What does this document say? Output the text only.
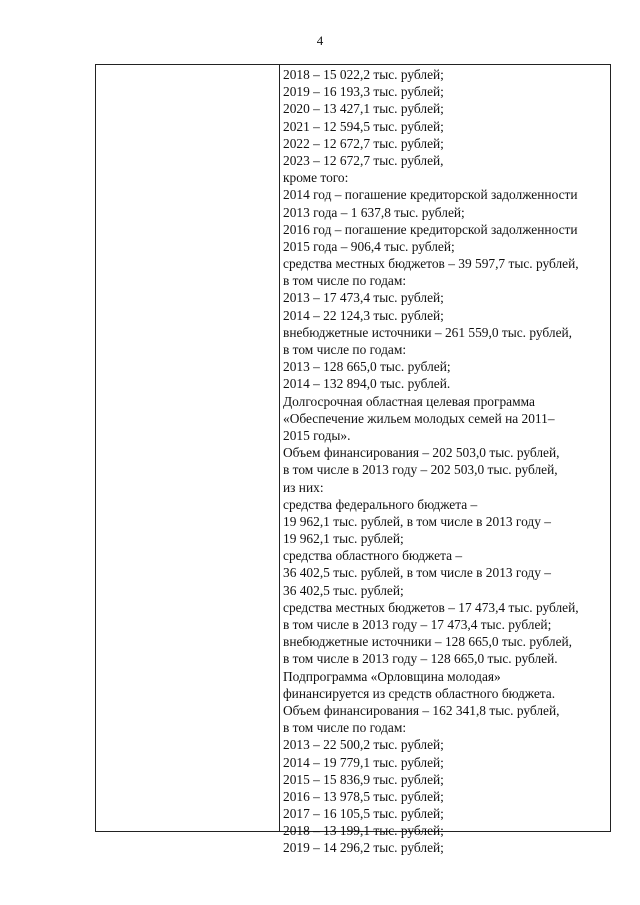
4
2018 – 15 022,2 тыс. рублей;
2019 – 16 193,3 тыс. рублей;
2020 – 13 427,1 тыс. рублей;
2021 – 12 594,5 тыс. рублей;
2022 – 12 672,7 тыс. рублей;
2023 – 12 672,7 тыс. рублей,
кроме того:
2014 год – погашение кредиторской задолженности
2013 года – 1 637,8 тыс. рублей;
2016 год – погашение кредиторской задолженности
2015 года – 906,4 тыс. рублей;
средства местных бюджетов – 39 597,7 тыс. рублей,
в том числе по годам:
2013 – 17 473,4 тыс. рублей;
2014 – 22 124,3 тыс. рублей;
внебюджетные источники – 261 559,0 тыс. рублей,
в том числе по годам:
2013 – 128 665,0 тыс. рублей;
2014 – 132 894,0 тыс. рублей.
Долгосрочная областная целевая программа
«Обеспечение жильем молодых семей на 2011–
2015 годы».
Объем финансирования – 202 503,0 тыс. рублей,
в том числе в 2013 году – 202 503,0 тыс. рублей,
из них:
средства федерального бюджета –
19 962,1 тыс. рублей, в том числе в 2013 году –
19 962,1 тыс. рублей;
средства областного бюджета –
36 402,5 тыс. рублей, в том числе в 2013 году –
36 402,5 тыс. рублей;
средства местных бюджетов – 17 473,4 тыс. рублей,
в том числе в 2013 году – 17 473,4 тыс. рублей;
внебюджетные источники – 128 665,0 тыс. рублей,
в том числе в 2013 году – 128 665,0 тыс. рублей.
Подпрограмма «Орловщина молодая»
финансируется из средств областного бюджета.
Объем финансирования – 162 341,8 тыс. рублей,
в том числе по годам:
2013 – 22 500,2 тыс. рублей;
2014 – 19 779,1 тыс. рублей;
2015 – 15 836,9 тыс. рублей;
2016 – 13 978,5 тыс. рублей;
2017 – 16 105,5 тыс. рублей;
2018 – 13 199,1 тыс. рублей;
2019 – 14 296,2 тыс. рублей;
